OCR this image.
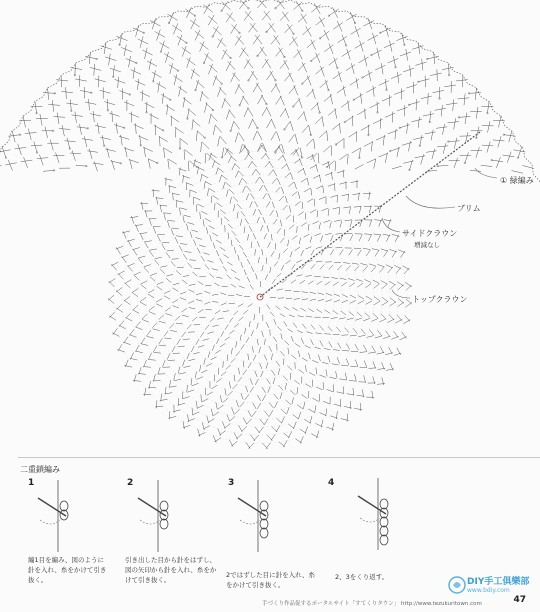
① 緑編み
ブリム
サイドクラウン
増減なし
トップクラウン
二重鎖編み
1	2	3	4
編1目を編み、図のように針を入れ、糸をかけて引き抜く。
引き出した目から針をはずし、図の矢印から針を入れ、糸をかけて引き抜く。
2ではずした目に針を入れ、糸をかけて引き抜く。
2、3をくり返す。	DIY手工俱樂部
www.bdiy.com
手づくり作品促するポータルサイト「すてくりタウン」 http://www.tezukuritown.com	47
